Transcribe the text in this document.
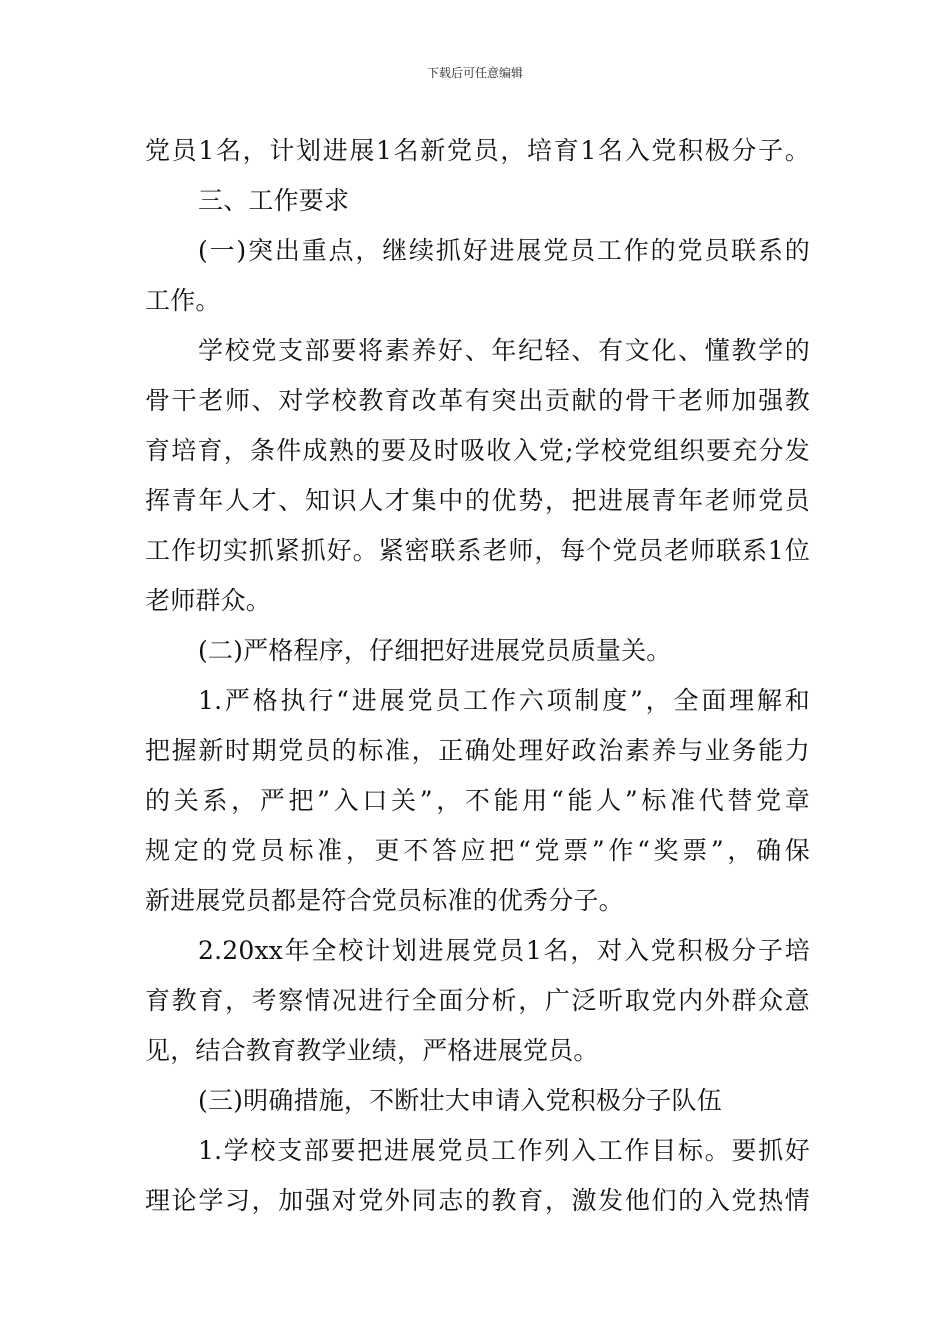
下载后可任意编辑
党员1名，计划进展1名新党员，培育1名入党积极分子。
三、工作要求
(一)突出重点，继续抓好进展党员工作的党员联系的
工作。
学校党支部要将素养好、年纪轻、有文化、懂教学的
骨干老师、对学校教育改革有突出贡献的骨干老师加强教
育培育，条件成熟的要及时吸收入党;学校党组织要充分发
挥青年人才、知识人才集中的优势，把进展青年老师党员
工作切实抓紧抓好。紧密联系老师，每个党员老师联系1位
老师群众。
(二)严格程序，仔细把好进展党员质量关。
1.严格执行“进展党员工作六项制度”，全面理解和
把握新时期党员的标准，正确处理好政治素养与业务能力
的关系，严把”入口关”，不能用“能人”标准代替党章
规定的党员标准，更不答应把“党票”作“奖票”，确保
新进展党员都是符合党员标准的优秀分子。
2.20xx年全校计划进展党员1名，对入党积极分子培
育教育，考察情况进行全面分析，广泛听取党内外群众意
见，结合教育教学业绩，严格进展党员。
(三)明确措施，不断壮大申请入党积极分子队伍
1.学校支部要把进展党员工作列入工作目标。要抓好
理论学习，加强对党外同志的教育，激发他们的入党热情
